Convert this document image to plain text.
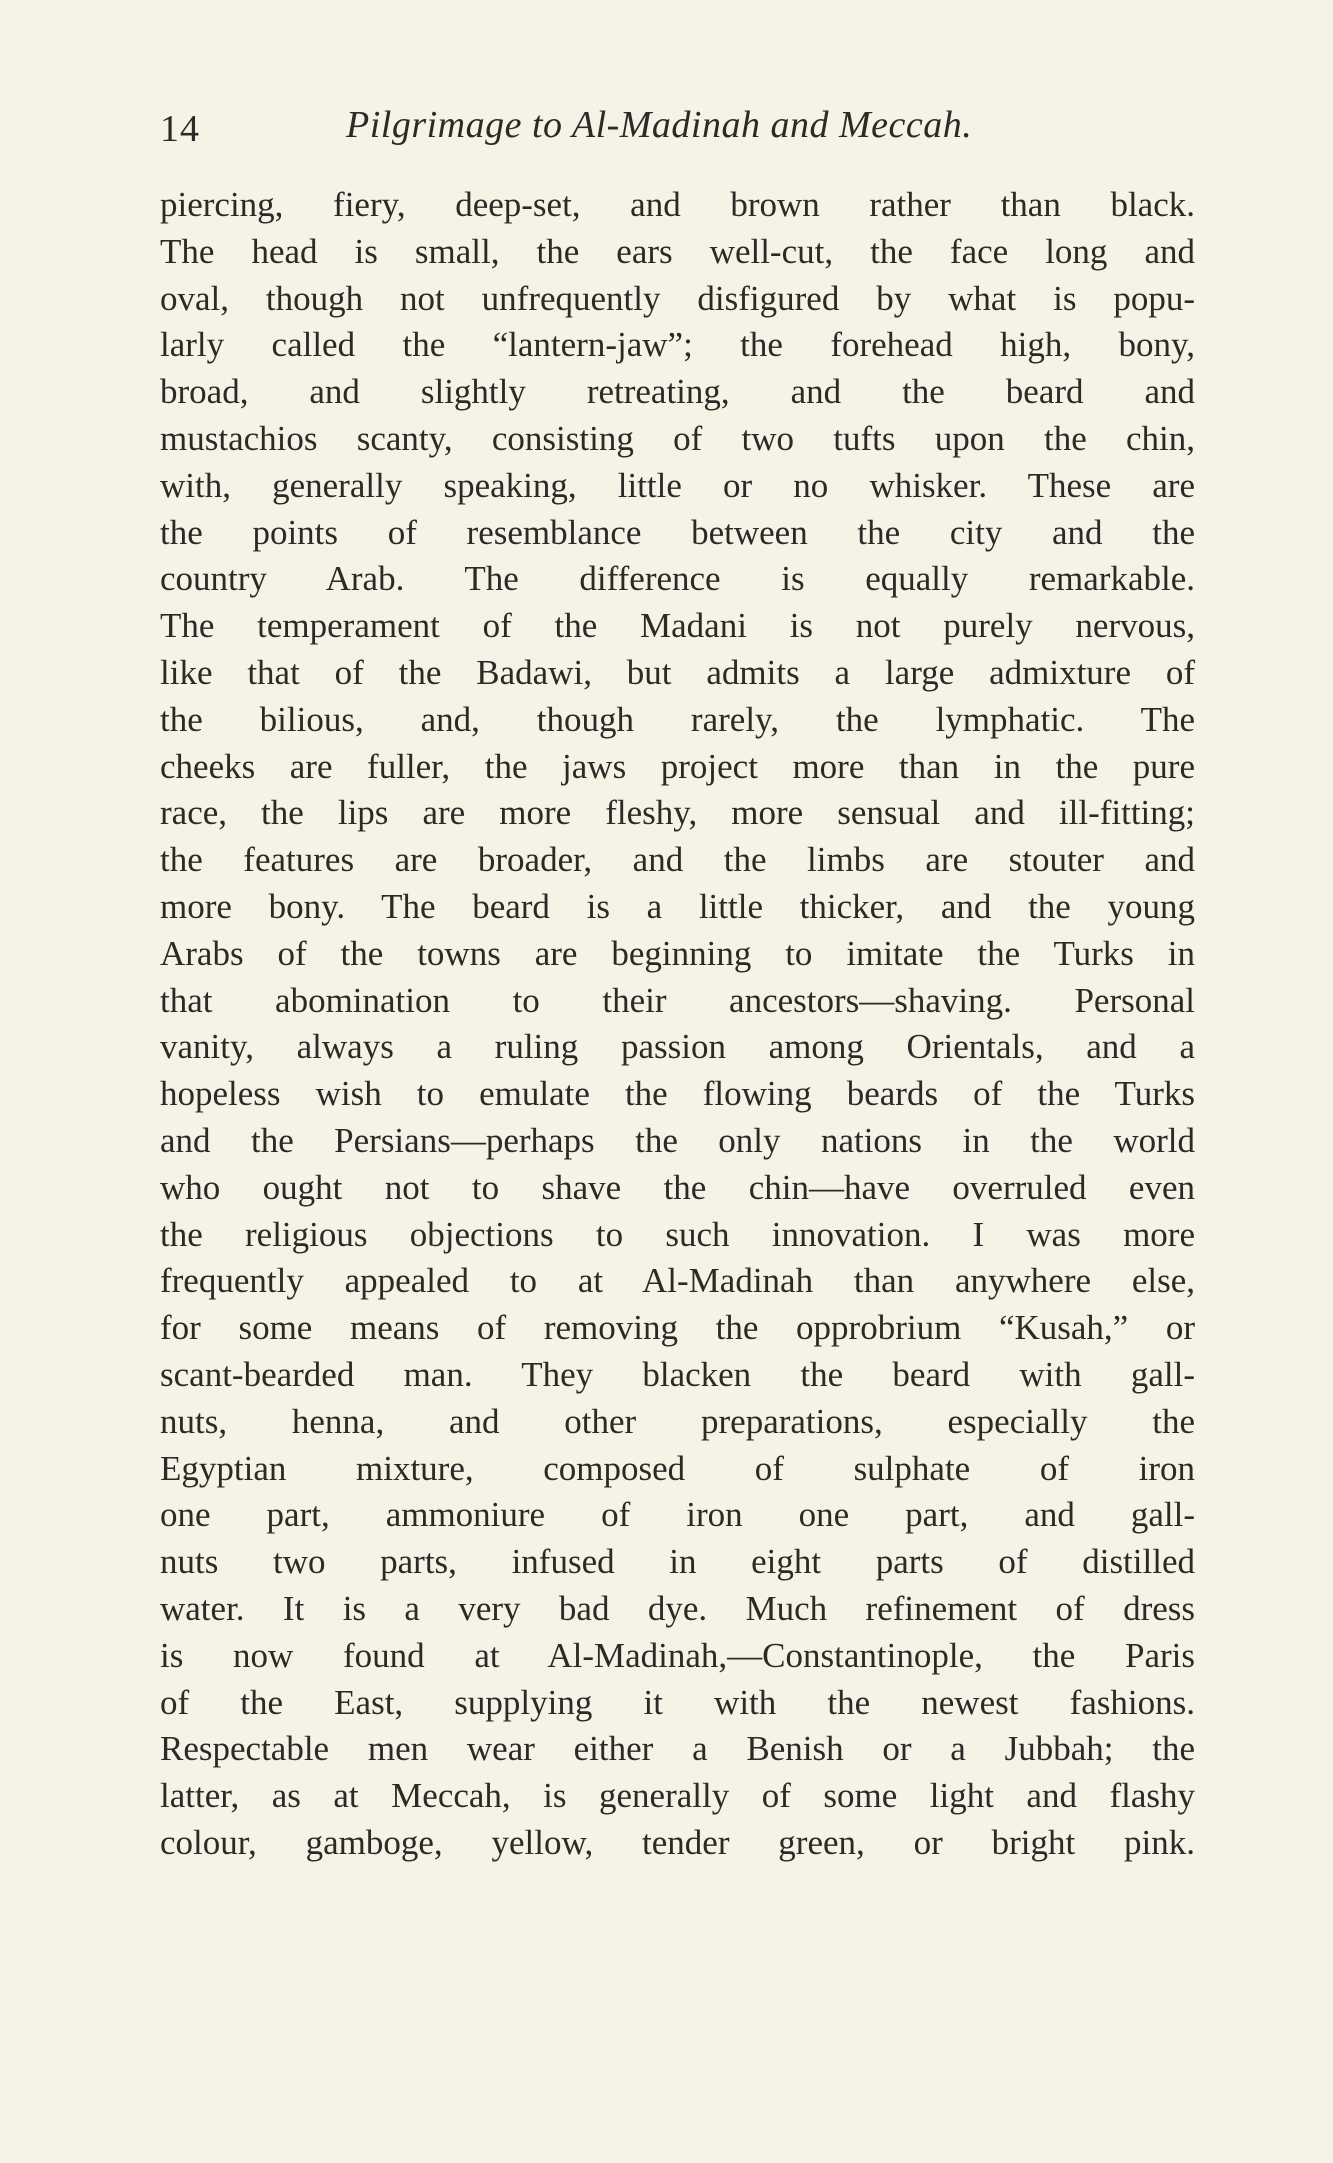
14	Pilgrimage to Al-Madinah and Meccah.
piercing, fiery, deep-set, and brown rather than black.
The head is small, the ears well-cut, the face long and
oval, though not unfrequently disfigured by what is popu-
larly called the “lantern-jaw”; the forehead high, bony,
broad, and slightly retreating, and the beard and
mustachios scanty, consisting of two tufts upon the chin,
with, generally speaking, little or no whisker. These are
the points of resemblance between the city and the
country Arab. The difference is equally remarkable.
The temperament of the Madani is not purely nervous,
like that of the Badawi, but admits a large admixture of
the bilious, and, though rarely, the lymphatic. The
cheeks are fuller, the jaws project more than in the pure
race, the lips are more fleshy, more sensual and ill-fitting;
the features are broader, and the limbs are stouter and
more bony. The beard is a little thicker, and the young
Arabs of the towns are beginning to imitate the Turks in
that abomination to their ancestors—shaving. Personal
vanity, always a ruling passion among Orientals, and a
hopeless wish to emulate the flowing beards of the Turks
and the Persians—perhaps the only nations in the world
who ought not to shave the chin—have overruled even
the religious objections to such innovation. I was more
frequently appealed to at Al-Madinah than anywhere else,
for some means of removing the opprobrium “Kusah,” or
scant-bearded man. They blacken the beard with gall-
nuts, henna, and other preparations, especially the
Egyptian mixture, composed of sulphate of iron
one part, ammoniure of iron one part, and gall-
nuts two parts, infused in eight parts of distilled
water. It is a very bad dye. Much refinement of dress
is now found at Al-Madinah,—Constantinople, the Paris
of the East, supplying it with the newest fashions.
Respectable men wear either a Benish or a Jubbah; the
latter, as at Meccah, is generally of some light and flashy
colour, gamboge, yellow, tender green, or bright pink.
